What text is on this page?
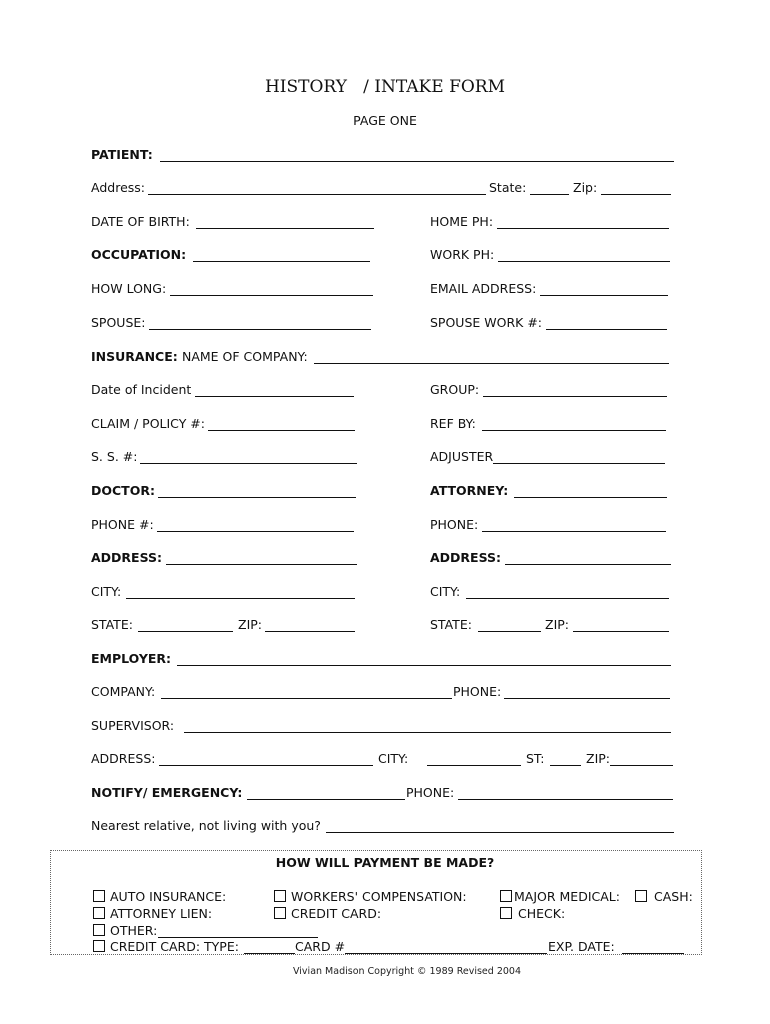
HISTORY   / INTAKE FORM
PAGE ONE
PATIENT:
Address:	State:	Zip:
DATE OF BIRTH:	HOME PH:
OCCUPATION:	WORK PH:
HOW LONG:	EMAIL ADDRESS:
SPOUSE:	SPOUSE WORK #:
INSURANCE: NAME OF COMPANY:
Date of Incident	GROUP:
CLAIM / POLICY #:	REF BY:
S. S. #:	ADJUSTER
DOCTOR:	ATTORNEY:
PHONE #:	PHONE:
ADDRESS:	ADDRESS:
CITY:	CITY:
STATE:	ZIP:	STATE:	ZIP:
EMPLOYER:
COMPANY:	PHONE:
SUPERVISOR:
ADDRESS:	CITY:	ST:	ZIP:
NOTIFY/ EMERGENCY:	PHONE:
Nearest relative, not living with you?
HOW WILL PAYMENT BE MADE?
AUTO INSURANCE:	WORKERS' COMPENSATION:	MAJOR MEDICAL:	CASH:
ATTORNEY LIEN:	CREDIT CARD:	CHECK:
OTHER:
CREDIT CARD: TYPE:	CARD #	EXP. DATE:
Vivian Madison Copyright © 1989 Revised 2004
